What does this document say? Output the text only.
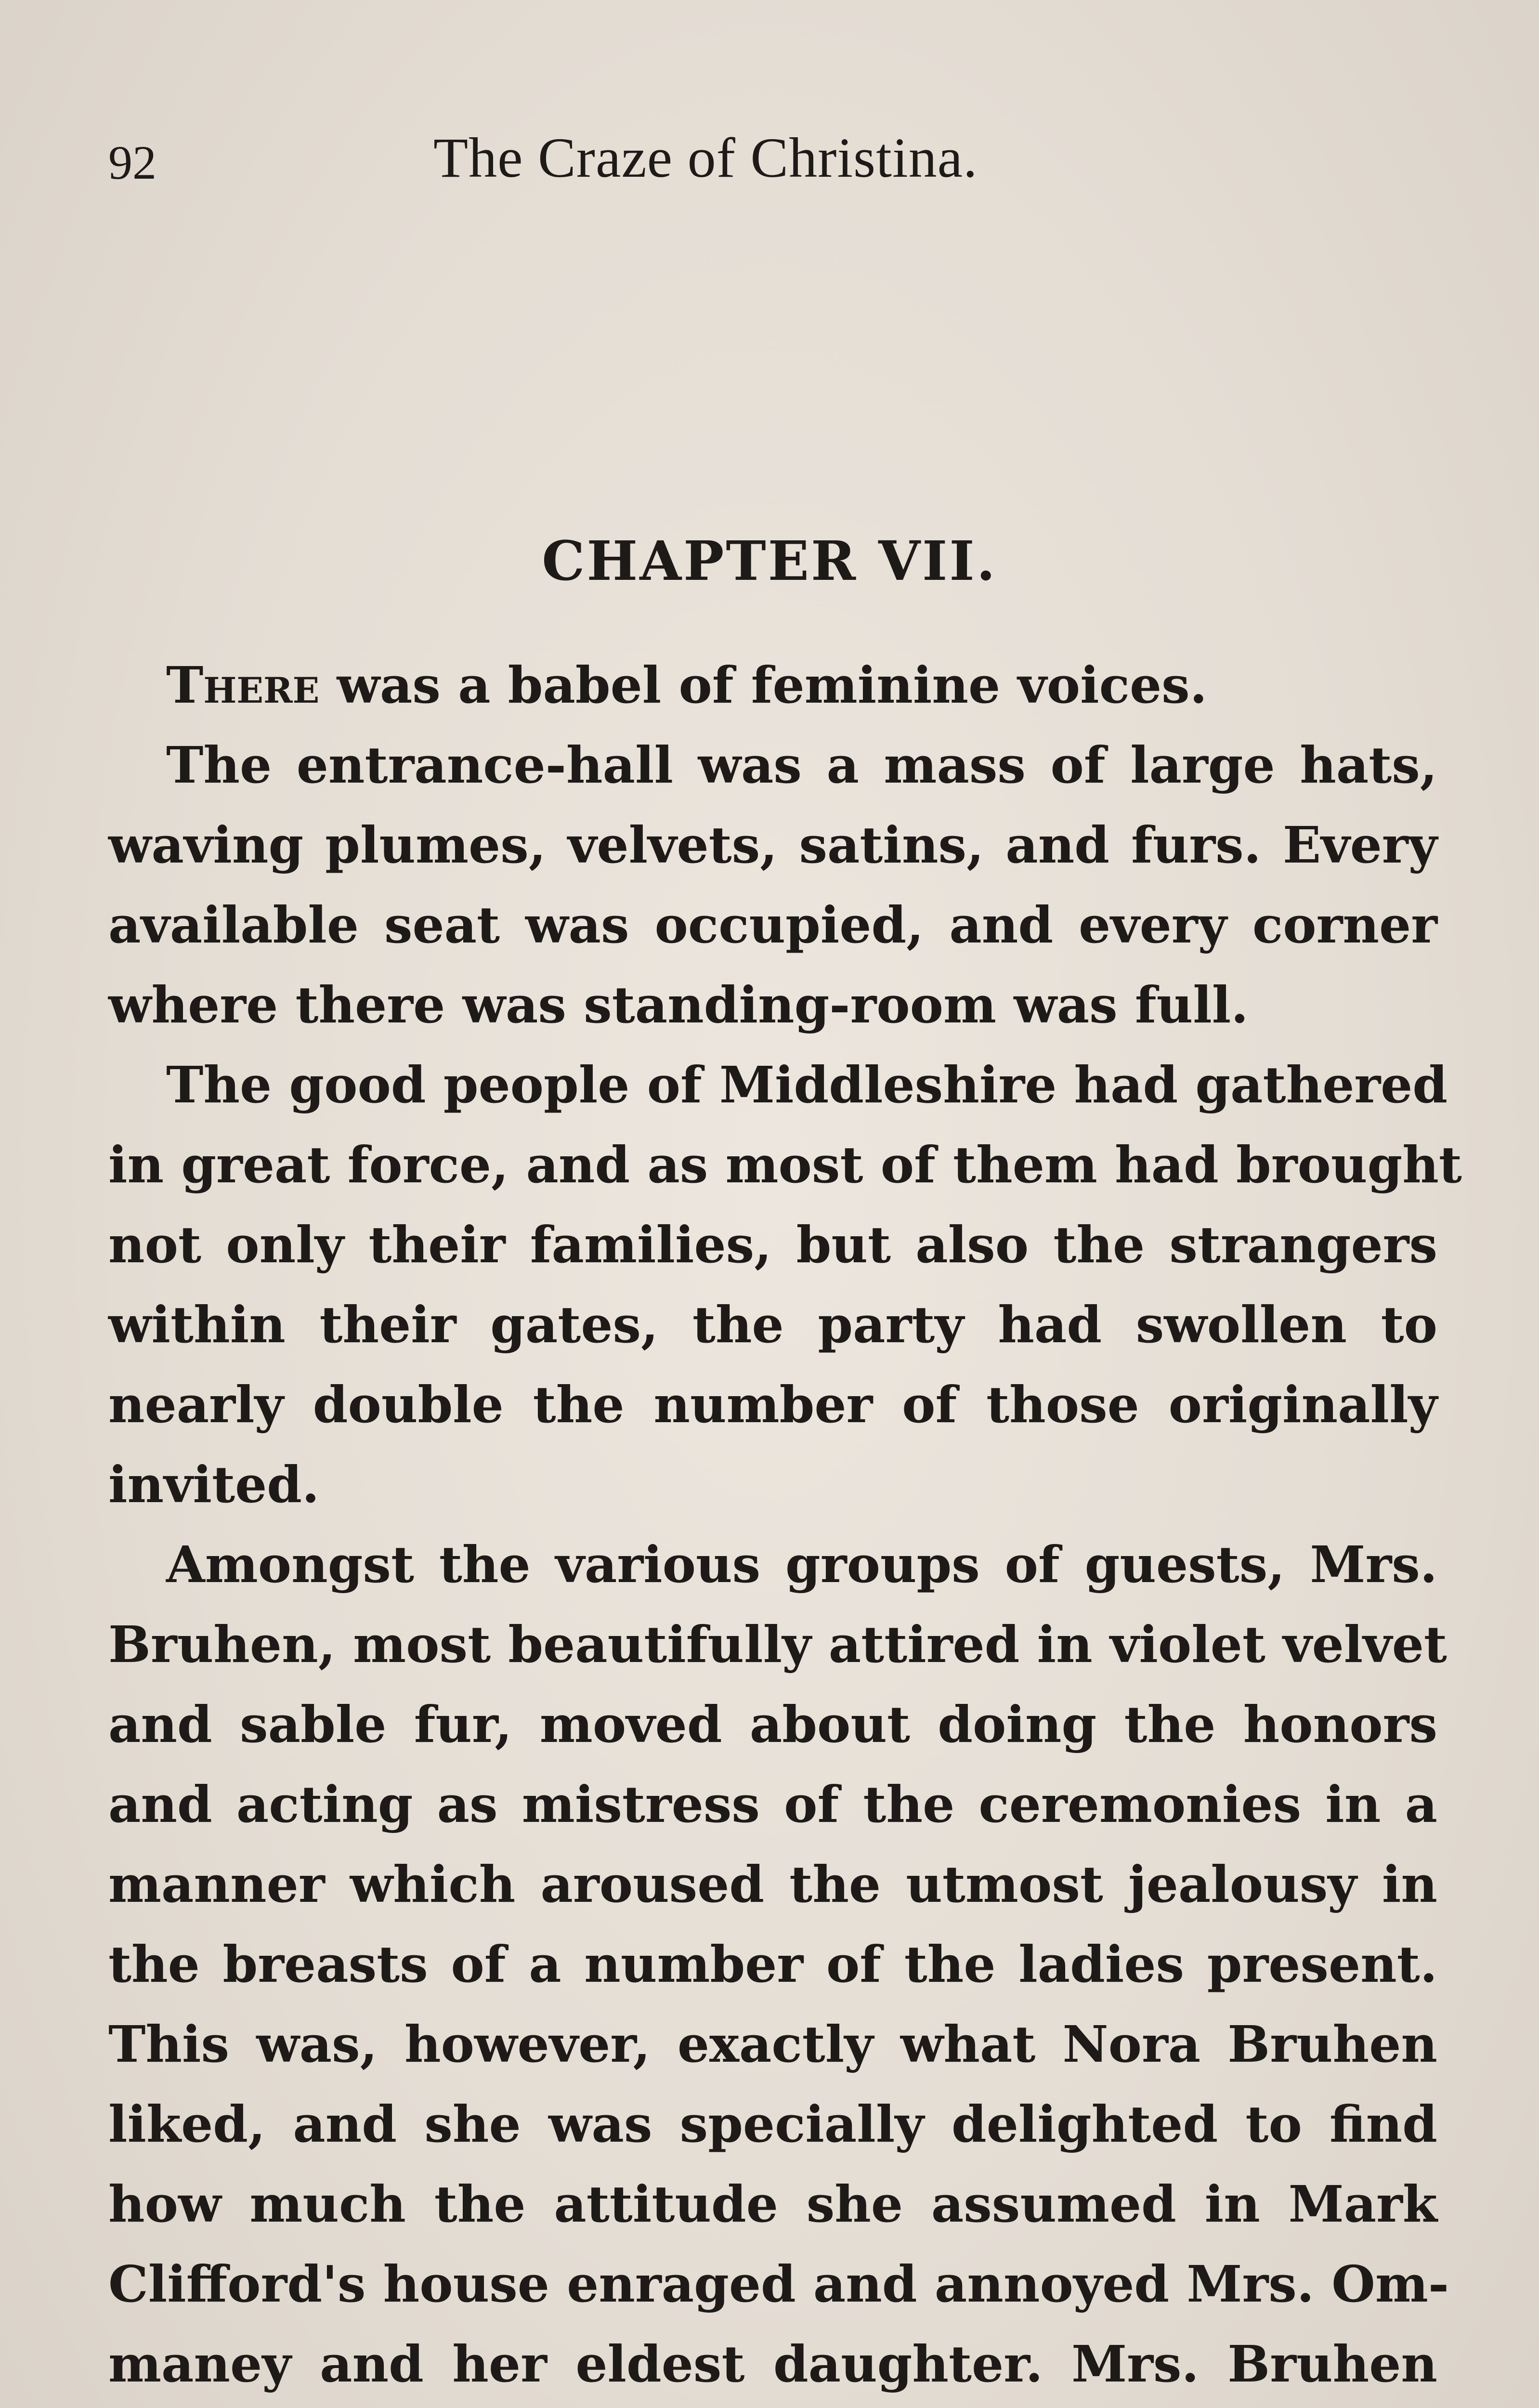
92	The Craze of Christina.
CHAPTER VII.
There was a babel of feminine voices.
The entrance-hall was a mass of large hats,
waving plumes, velvets, satins, and furs. Every
available seat was occupied, and every corner
where there was standing-room was full.
The good people of Middleshire had gathered
in great force, and as most of them had brought
not only their families, but also the strangers
within their gates, the party had swollen to
nearly double the number of those originally
invited.
Amongst the various groups of guests, Mrs.
Bruhen, most beautifully attired in violet velvet
and sable fur, moved about doing the honors
and acting as mistress of the ceremonies in a
manner which aroused the utmost jealousy in
the breasts of a number of the ladies present.
This was, however, exactly what Nora Bruhen
liked, and she was specially delighted to find
how much the attitude she assumed in Mark
Clifford's house enraged and annoyed Mrs. Om-
maney and her eldest daughter. Mrs. Bruhen
